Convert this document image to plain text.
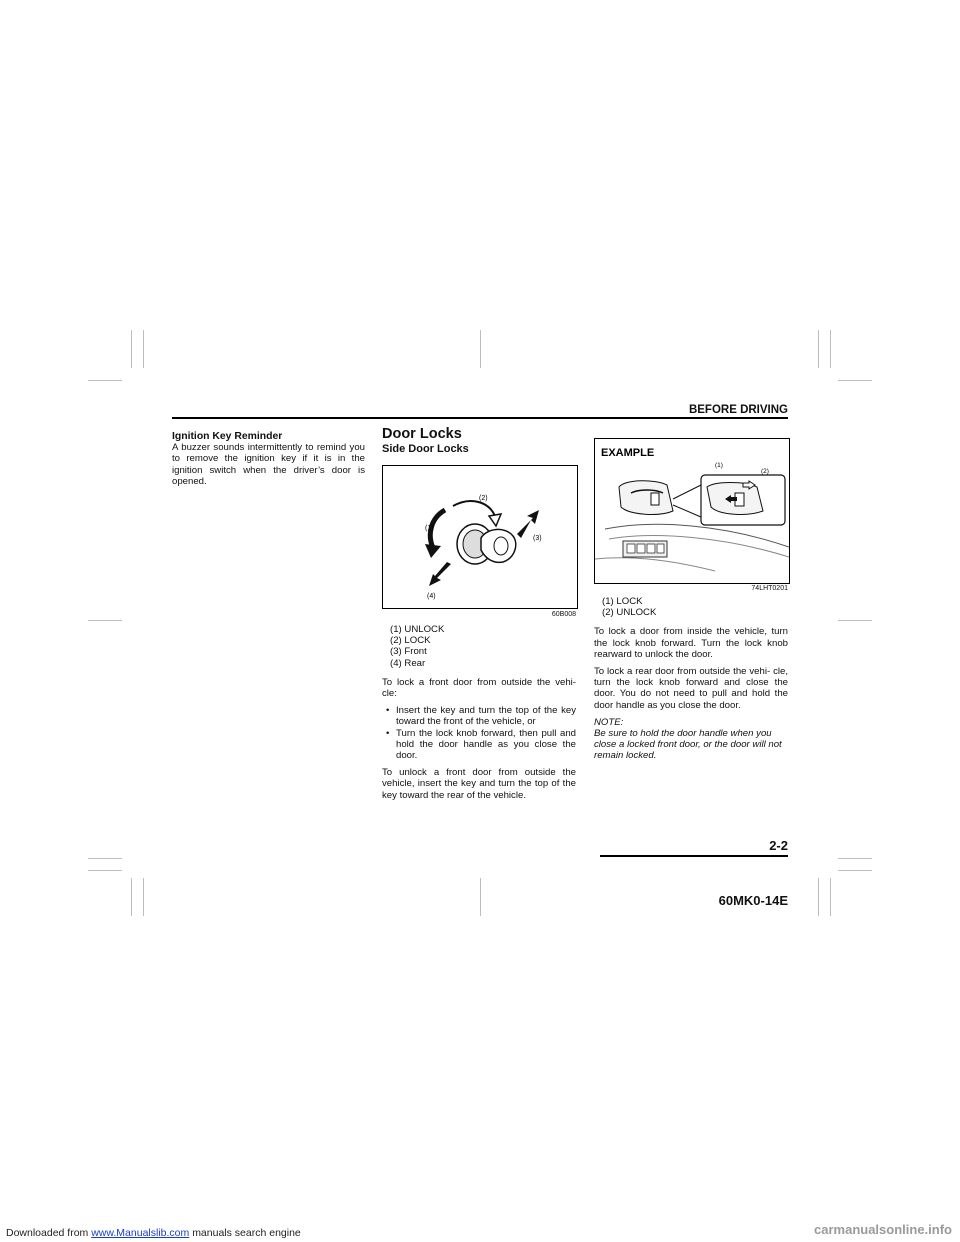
BEFORE DRIVING
Ignition Key Reminder

A buzzer sounds intermittently to remind you to remove the ignition key if it is in the ignition switch when the driver’s door is opened.

Door Locks
Side Door Locks
(2)
(1)
(3)
(4)
60B008
(1) UNLOCK
(2) LOCK
(3) Front
(4) Rear

To lock a front door from outside the vehi- cle:

• Insert the key and turn the top of the key toward the front of the vehicle, or
• Turn the lock knob forward, then pull and hold the door handle as you close the door.

To unlock a front door from outside the vehicle, insert the key and turn the top of the key toward the rear of the vehicle.

EXAMPLE
(1)
(2)
74LHT0201
(1) LOCK
(2) UNLOCK

To lock a door from inside the vehicle, turn the lock knob forward. Turn the lock knob rearward to unlock the door.

To lock a rear door from outside the vehi- cle, turn the lock knob forward and close the door. You do not need to pull and hold the door handle as you close the door.

NOTE:

Be sure to hold the door handle when you close a locked front door, or the door will not remain locked.

2-2
60MK0-14E
Downloaded from www.Manualslib.com manuals search engine	carmanualsonline.info
